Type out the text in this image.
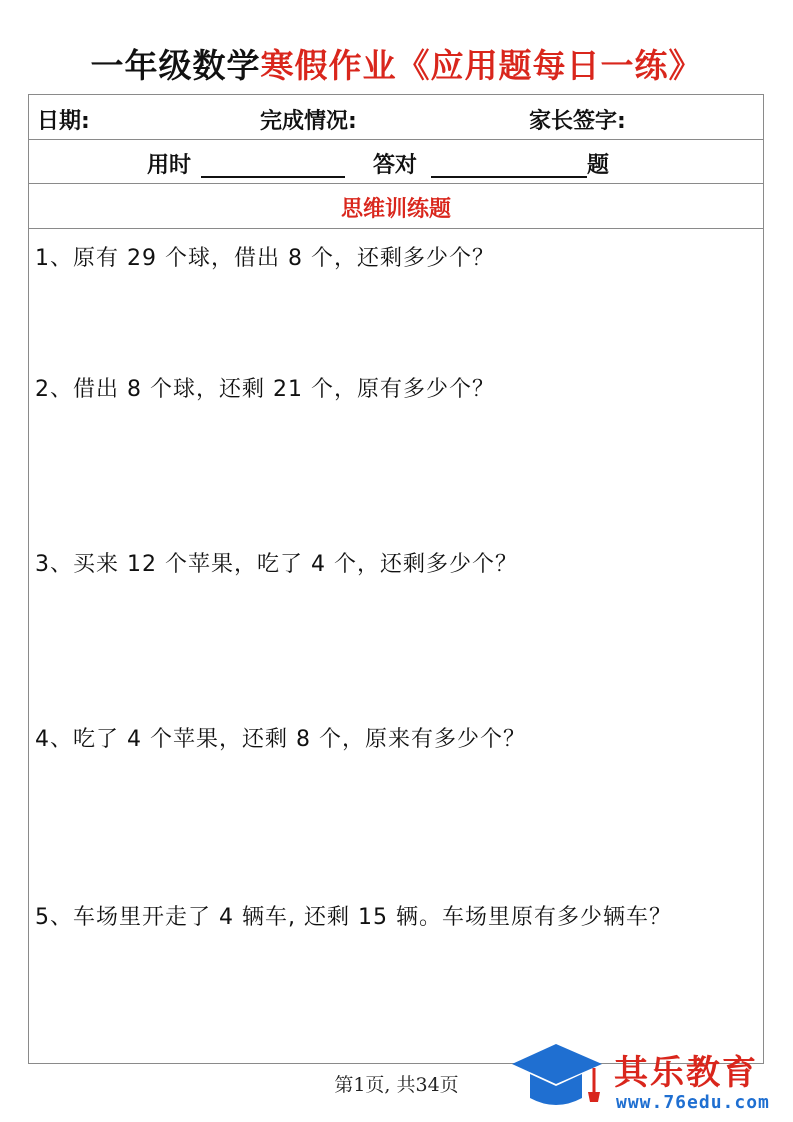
一年级数学寒假作业《应用题每日一练》
日期:	完成情况:	家长签字:
用时	答对	题
思维训练题
1、原有 29 个球，借出 8 个，还剩多少个？
2、借出 8 个球，还剩 21 个，原有多少个？
3、买来 12 个苹果，吃了 4 个，还剩多少个？
4、吃了 4 个苹果，还剩 8 个，原来有多少个？
5、车场里开走了 4 辆车, 还剩 15 辆。车场里原有多少辆车？
第1页, 共34页	其乐教育
www.76edu.com
